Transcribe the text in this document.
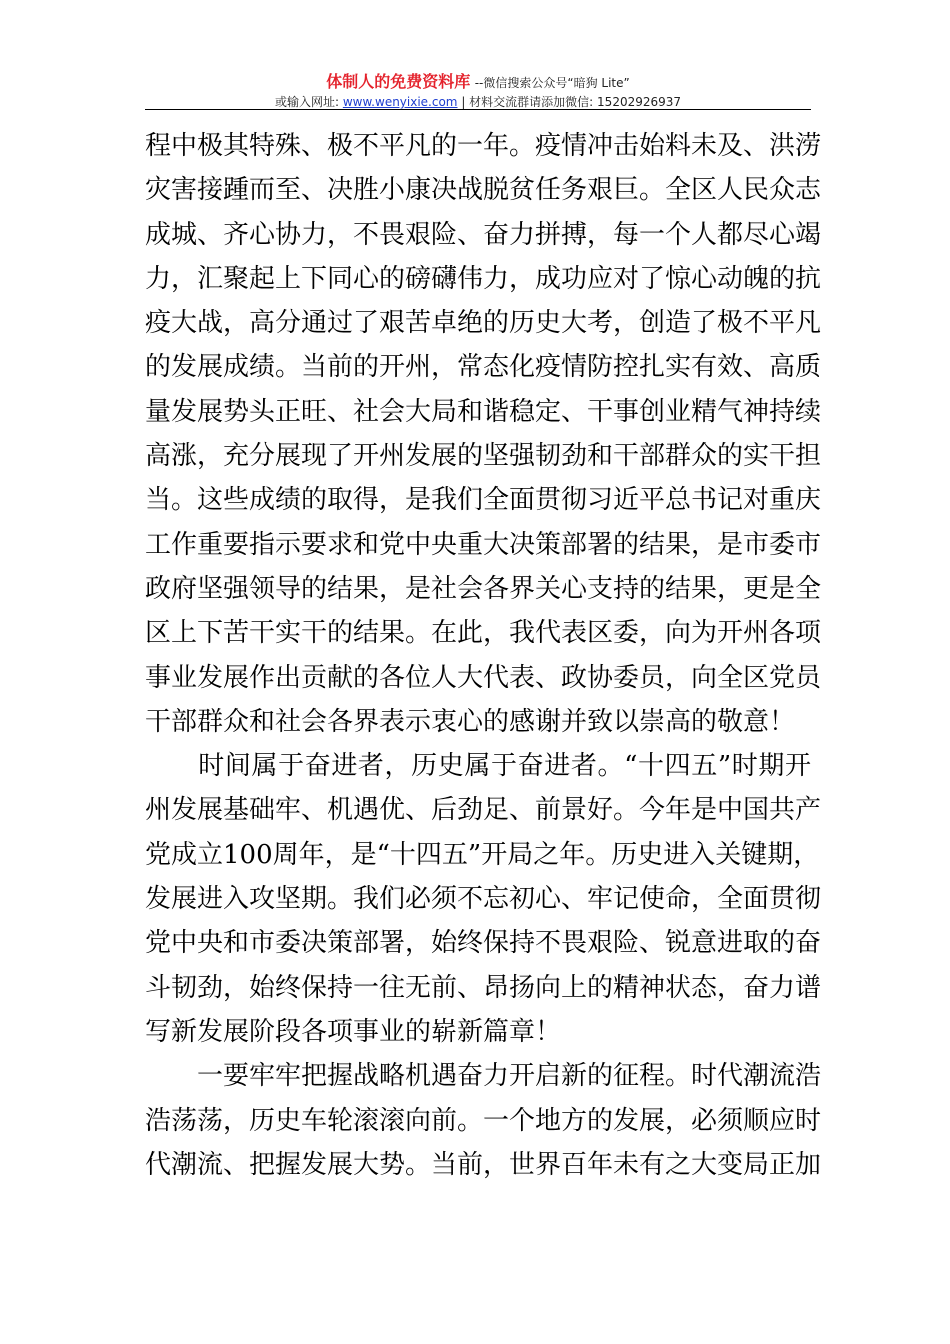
体制人的免费资料库 --微信搜索公众号“暗狗 Lite”
或输入网址: www.wenyixie.com | 材料交流群请添加微信: 15202926937
程中极其特殊、极不平凡的一年。疫情冲击始料未及、洪涝
灾害接踵而至、决胜小康决战脱贫任务艰巨。全区人民众志
成城、齐心协力，不畏艰险、奋力拼搏，每一个人都尽心竭
力，汇聚起上下同心的磅礴伟力，成功应对了惊心动魄的抗
疫大战，高分通过了艰苦卓绝的历史大考，创造了极不平凡
的发展成绩。当前的开州，常态化疫情防控扎实有效、高质
量发展势头正旺、社会大局和谐稳定、干事创业精气神持续
高涨，充分展现了开州发展的坚强韧劲和干部群众的实干担
当。这些成绩的取得，是我们全面贯彻习近平总书记对重庆
工作重要指示要求和党中央重大决策部署的结果，是市委市
政府坚强领导的结果，是社会各界关心支持的结果，更是全
区上下苦干实干的结果。在此，我代表区委，向为开州各项
事业发展作出贡献的各位人大代表、政协委员，向全区党员
干部群众和社会各界表示衷心的感谢并致以崇高的敬意！
　　时间属于奋进者，历史属于奋进者。“十四五”时期开
州发展基础牢、机遇优、后劲足、前景好。今年是中国共产
党成立100周年，是“十四五”开局之年。历史进入关键期，
发展进入攻坚期。我们必须不忘初心、牢记使命，全面贯彻
党中央和市委决策部署，始终保持不畏艰险、锐意进取的奋
斗韧劲，始终保持一往无前、昂扬向上的精神状态，奋力谱
写新发展阶段各项事业的崭新篇章！
　　一要牢牢把握战略机遇奋力开启新的征程。时代潮流浩
浩荡荡，历史车轮滚滚向前。一个地方的发展，必须顺应时
代潮流、把握发展大势。当前，世界百年未有之大变局正加
